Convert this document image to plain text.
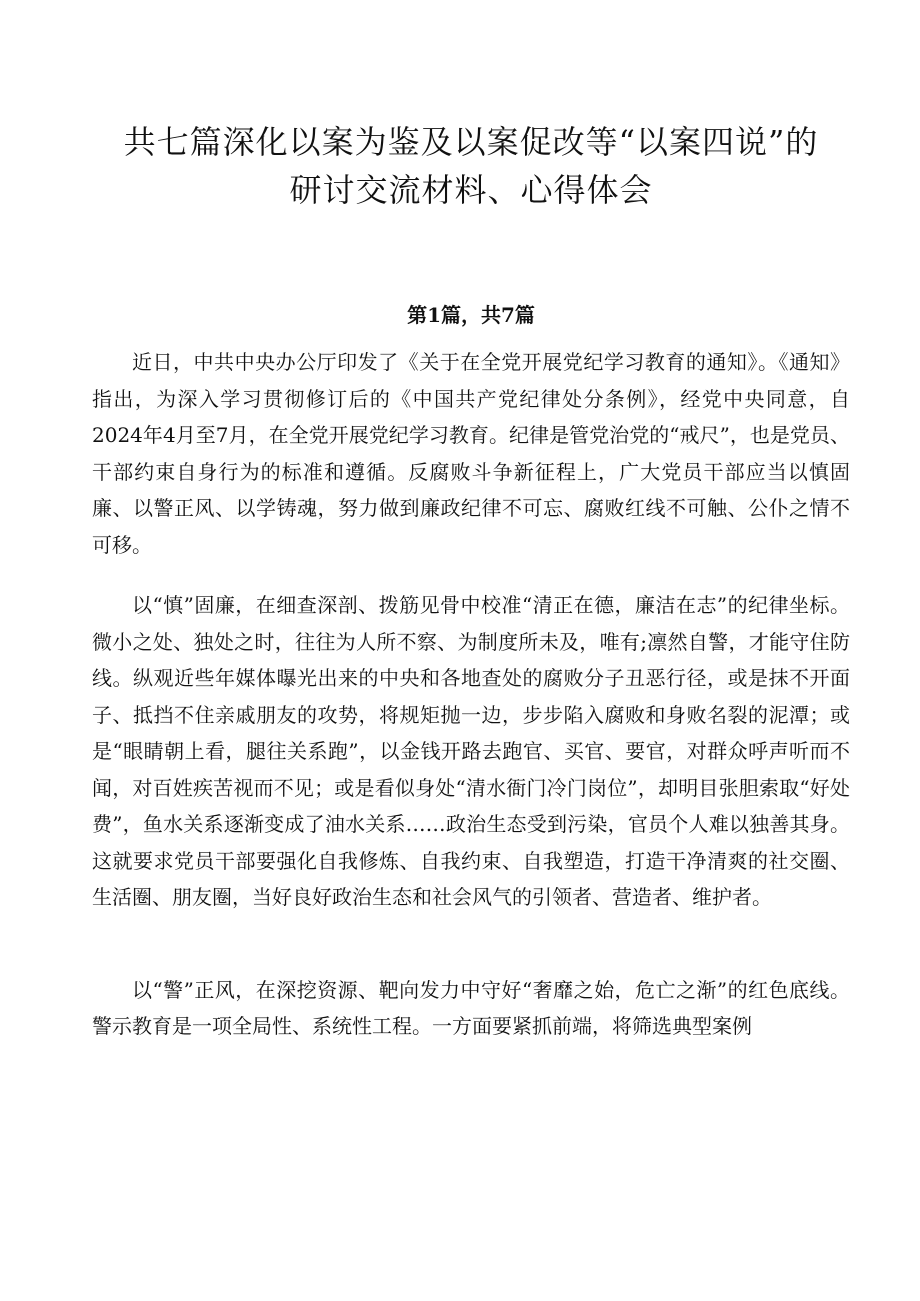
共七篇深化以案为鉴及以案促改等“以案四说”的
研讨交流材料、心得体会
第1篇，共7篇

近日，中共中央办公厅印发了《关于在全党开展党纪学习教育的通知》。《通知》指出，为深入学习贯彻修订后的《中国共产党纪律处分条例》，经党中央同意，自2024年4月至7月，在全党开展党纪学习教育。纪律是管党治党的“戒尺”，也是党员、干部约束自身行为的标准和遵循。反腐败斗争新征程上，广大党员干部应当以慎固廉、以警正风、以学铸魂，努力做到廉政纪律不可忘、腐败红线不可触、公仆之情不可移。

以“慎”固廉，在细查深剖、拨筋见骨中校准“清正在德，廉洁在志”的纪律坐标。微小之处、独处之时，往往为人所不察、为制度所未及，唯有;凛然自警，才能守住防线。纵观近些年媒体曝光出来的中央和各地查处的腐败分子丑恶行径，或是抹不开面子、抵挡不住亲戚朋友的攻势，将规矩抛一边，步步陷入腐败和身败名裂的泥潭；或是“眼睛朝上看，腿往关系跑”，以金钱开路去跑官、买官、要官，对群众呼声听而不闻，对百姓疾苦视而不见；或是看似身处“清水衙门冷门岗位”，却明目张胆索取“好处费”，鱼水关系逐渐变成了油水关系……政治生态受到污染，官员个人难以独善其身。这就要求党员干部要强化自我修炼、自我约束、自我塑造，打造干净清爽的社交圈、生活圈、朋友圈，当好良好政治生态和社会风气的引领者、营造者、维护者。

以“警”正风，在深挖资源、靶向发力中守好“奢靡之始，危亡之渐”的红色底线。警示教育是一项全局性、系统性工程。一方面要紧抓前端，将筛选典型案例
